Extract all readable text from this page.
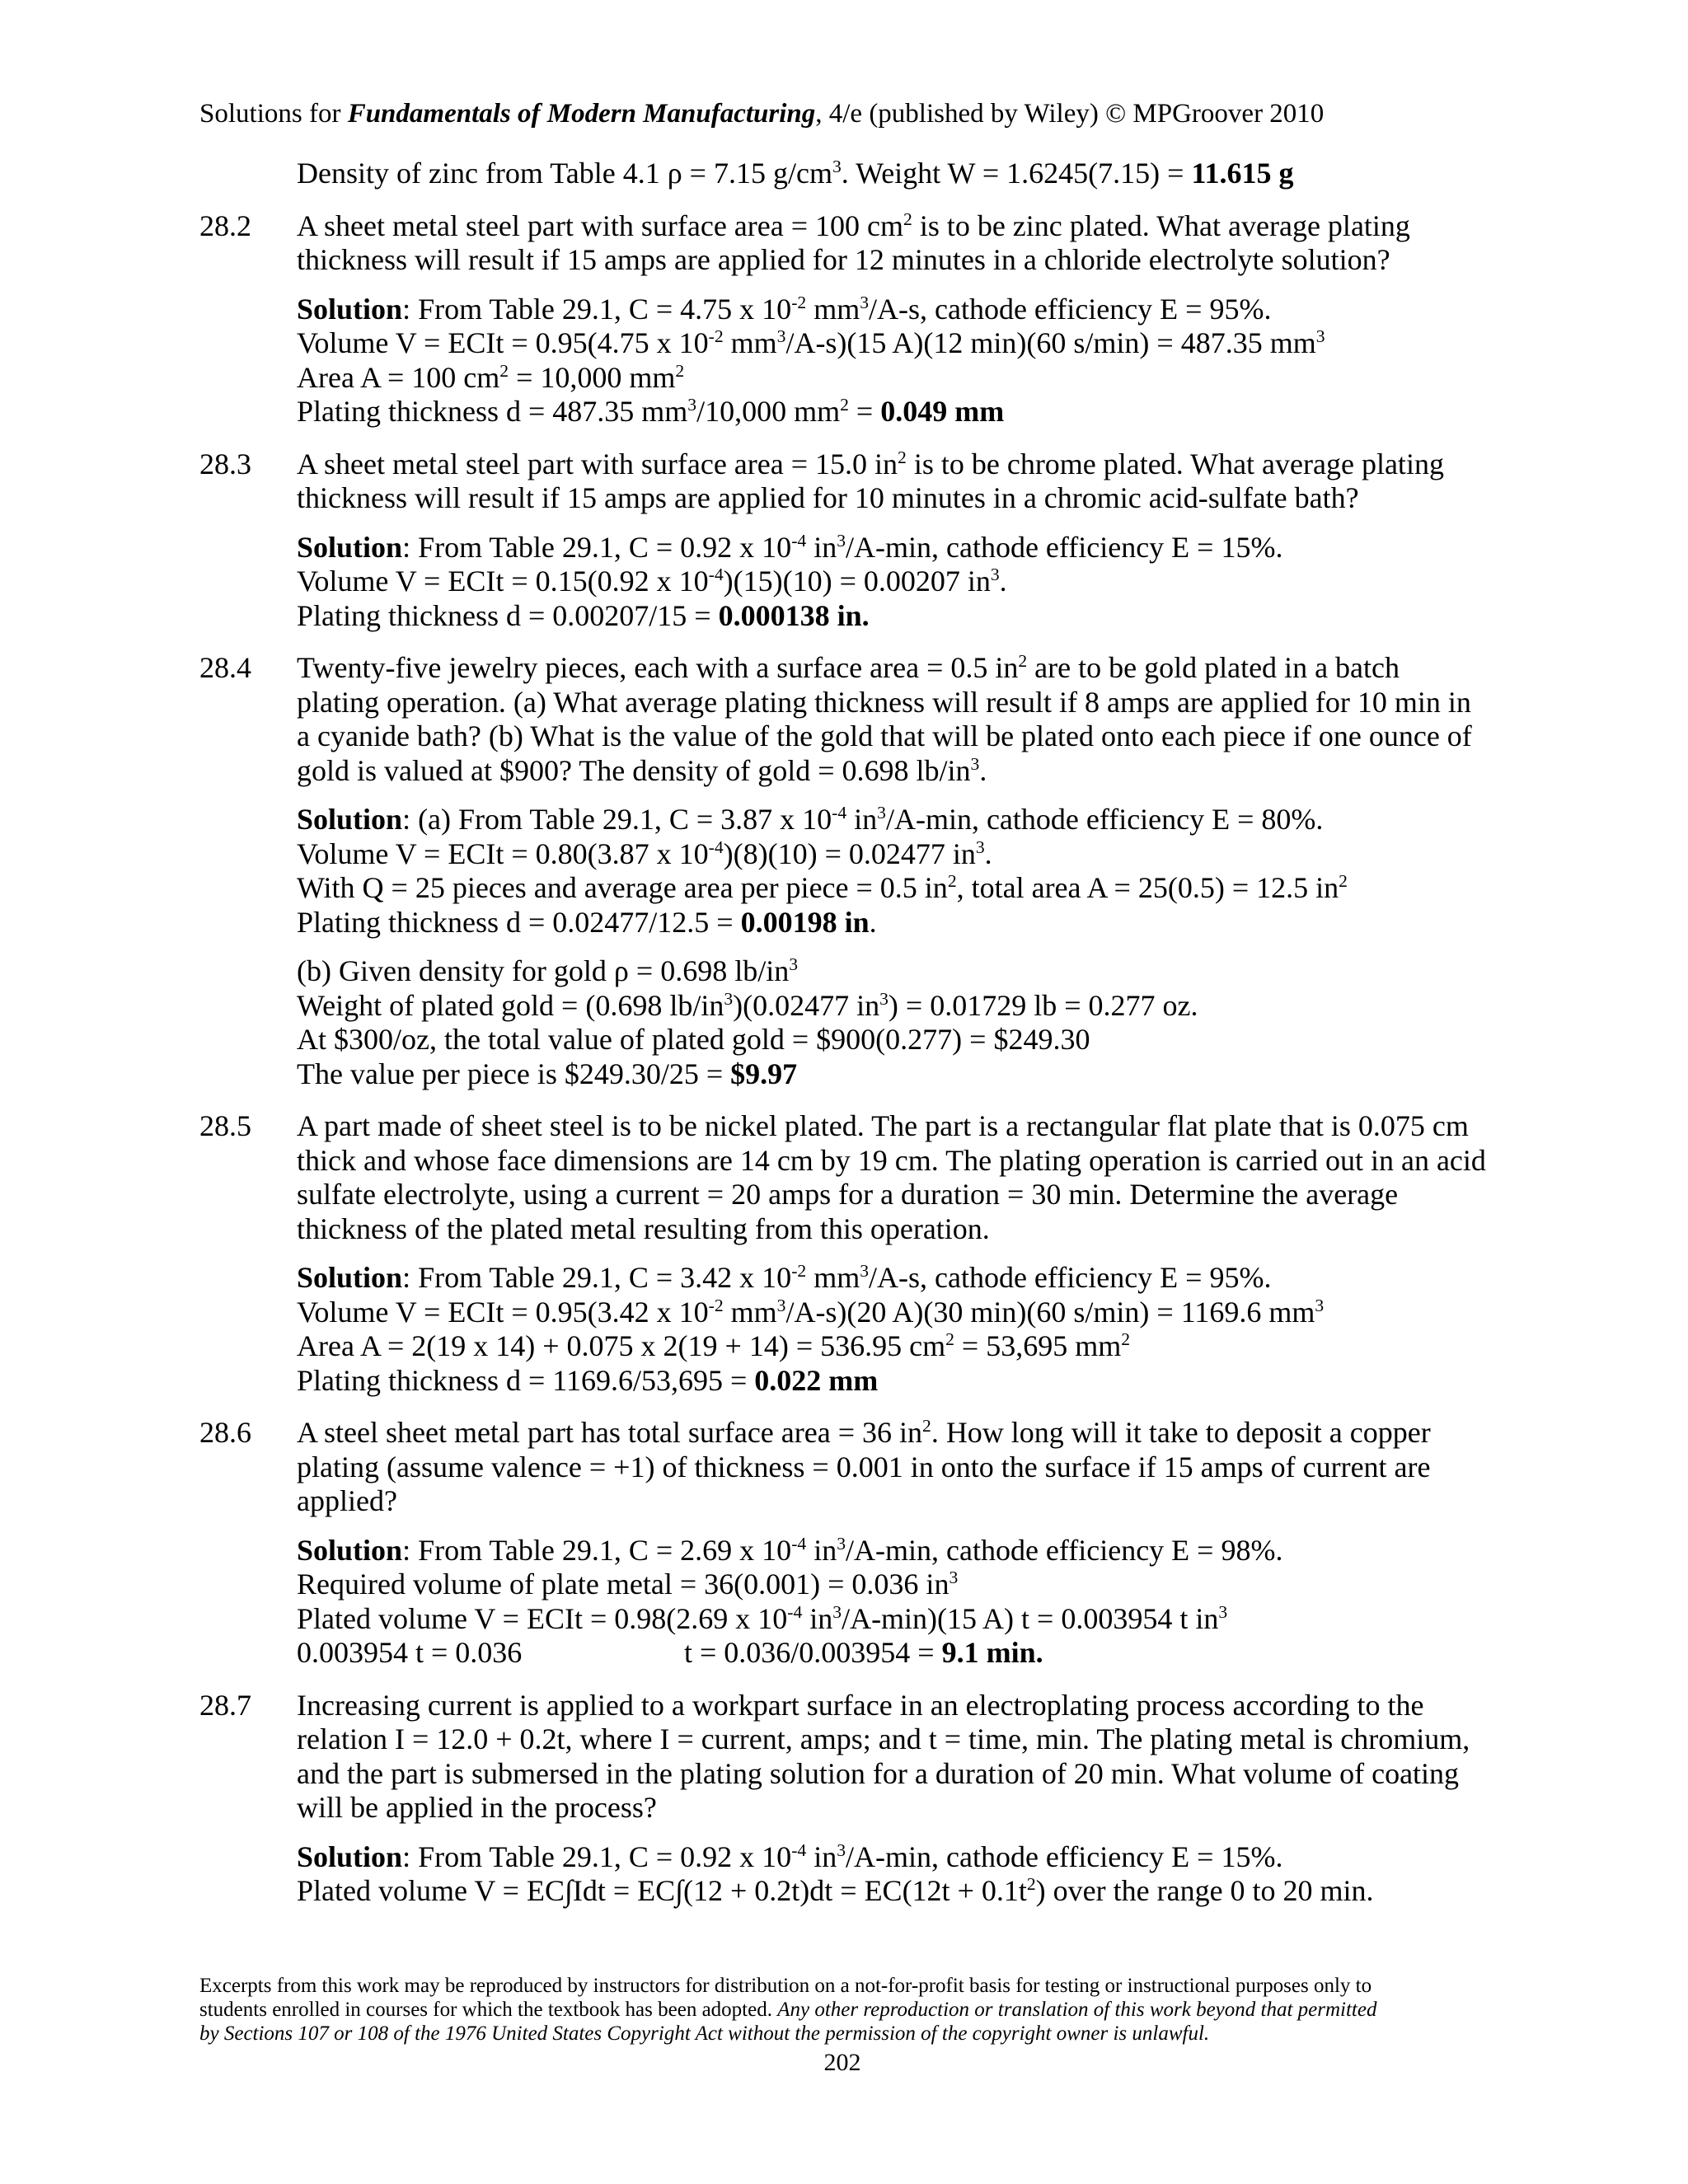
Solutions for Fundamentals of Modern Manufacturing, 4/e (published by Wiley) © MPGroover 2010
Density of zinc from Table 4.1 ρ = 7.15 $g/cm^3$. Weight W = 1.6245(7.15) = 11.615 g
28.2	A sheet metal steel part with surface area = 100 $cm^2$ is to be zinc plated. What average plating
thickness will result if 15 amps are applied for 12 minutes in a chloride electrolyte solution?
Solution: From Table 29.1, C = 4.75 x $10^{-2}$ $mm^3/A-s$, cathode efficiency E = 95%.
Volume V = ECIt = 0.95(4.75 x $10^{-2}$ $mm^3/A-s)(15$ A)(12 min)(60 s/min) = 487.35 $mm^3$
Area A = 100 $cm^2 = 10,000$ $mm^2$
Plating thickness d = 487.35 $mm^3/10,000$ $mm^2 = 0.049$ mm
28.3	A sheet metal steel part with surface area = 15.0 $in^2$ is to be chrome plated. What average plating
thickness will result if 15 amps are applied for 10 minutes in a chromic acid-sulfate bath?
Solution: From Table 29.1, C = 0.92 x $10^{-4}$ $in^3/A-\min$, cathode efficiency E = 15%.
Volume V = ECIt = 0.15(0.92 x $10^{-4})(15)(10) = 0.00207$ $in^3$.
Plating thickness d = 0.00207/15 = 0.000138 in.
28.4	Twenty-five jewelry pieces, each with a surface area = 0.5 $in^2$ are to be gold plated in a batch
plating operation. (a) What average plating thickness will result if 8 amps are applied for 10 min in
a cyanide bath? (b) What is the value of the gold that will be plated onto each piece if one ounce of
gold is valued at $900? The density of gold = 0.698 $lb/in^3$.
Solution: (a) From Table 29.1, C = 3.87 x $10^{-4}$ $in^3/A-\min$, cathode efficiency E = 80%.
Volume V = ECIt = 0.80(3.87 x $10^{-4})(8)(10) = 0.02477$ $in^3$.
With Q = 25 pieces and average area per piece = 0.5 $in^2$, total area A = 25(0.5) = 12.5 $in^2$
Plating thickness d = 0.02477/12.5 = 0.00198 in.
(b) Given density for gold ρ = 0.698 $lb/in^3$
Weight of plated gold = (0.698 $lb/in^3)(0.02477$ $in^3) = 0.01729$ lb = 0.277 oz.
At $300/oz, the total value of plated gold = $900(0.277) = $249.30
The value per piece is $249.30/25 = $9.97
28.5	A part made of sheet steel is to be nickel plated. The part is a rectangular flat plate that is 0.075 cm
thick and whose face dimensions are 14 cm by 19 cm. The plating operation is carried out in an acid
sulfate electrolyte, using a current = 20 amps for a duration = 30 min. Determine the average
thickness of the plated metal resulting from this operation.
Solution: From Table 29.1, C = 3.42 x $10^{-2}$ $mm^3/A-s$, cathode efficiency E = 95%.
Volume V = ECIt = 0.95(3.42 x $10^{-2}$ $mm^3/A-s)(20$ A)(30 min)(60 s/min) = 1169.6 $mm^3$
Area A = 2(19 x 14) + 0.075 x 2(19 + 14) = 536.95 $cm^2 = 53,695$ $mm^2$
Plating thickness d = 1169.6/53,695 = 0.022 mm
28.6	A steel sheet metal part has total surface area = 36 $in^2$. How long will it take to deposit a copper
plating (assume valence = +1) of thickness = 0.001 in onto the surface if 15 amps of current are
applied?
Solution: From Table 29.1, C = 2.69 x $10^{-4}$ $in^3/A-\min$, cathode efficiency E = 98%.
Required volume of plate metal = 36(0.001) = 0.036 $in^3$
Plated volume V = ECIt = 0.98(2.69 x $10^{-4}$ $in^3/A-\min)(15$ A) t = 0.003954 t $in^3$
0.003954 t = 0.036	t = 0.036/0.003954 = 9.1 min.
28.7	Increasing current is applied to a workpart surface in an electroplating process according to the
relation I = 12.0 + 0.2t, where I = current, amps; and t = time, min. The plating metal is chromium,
and the part is submersed in the plating solution for a duration of 20 min. What volume of coating
will be applied in the process?
Solution: From Table 29.1, C = 0.92 x $10^{-4}$ $in^3/A-\min$, cathode efficiency E = 15%.
Plated volume $V = EC\int Idt = EC\int(12 + 0.2t)dt = EC(12t + 0.1t^2)$ over the range 0 to 20 min.
Excerpts from this work may be reproduced by instructors for distribution on a not-for-profit basis for testing or instructional purposes only to
students enrolled in courses for which the textbook has been adopted. Any other reproduction or translation of this work beyond that permitted
by Sections 107 or 108 of the 1976 United States Copyright Act without the permission of the copyright owner is unlawful.
202
